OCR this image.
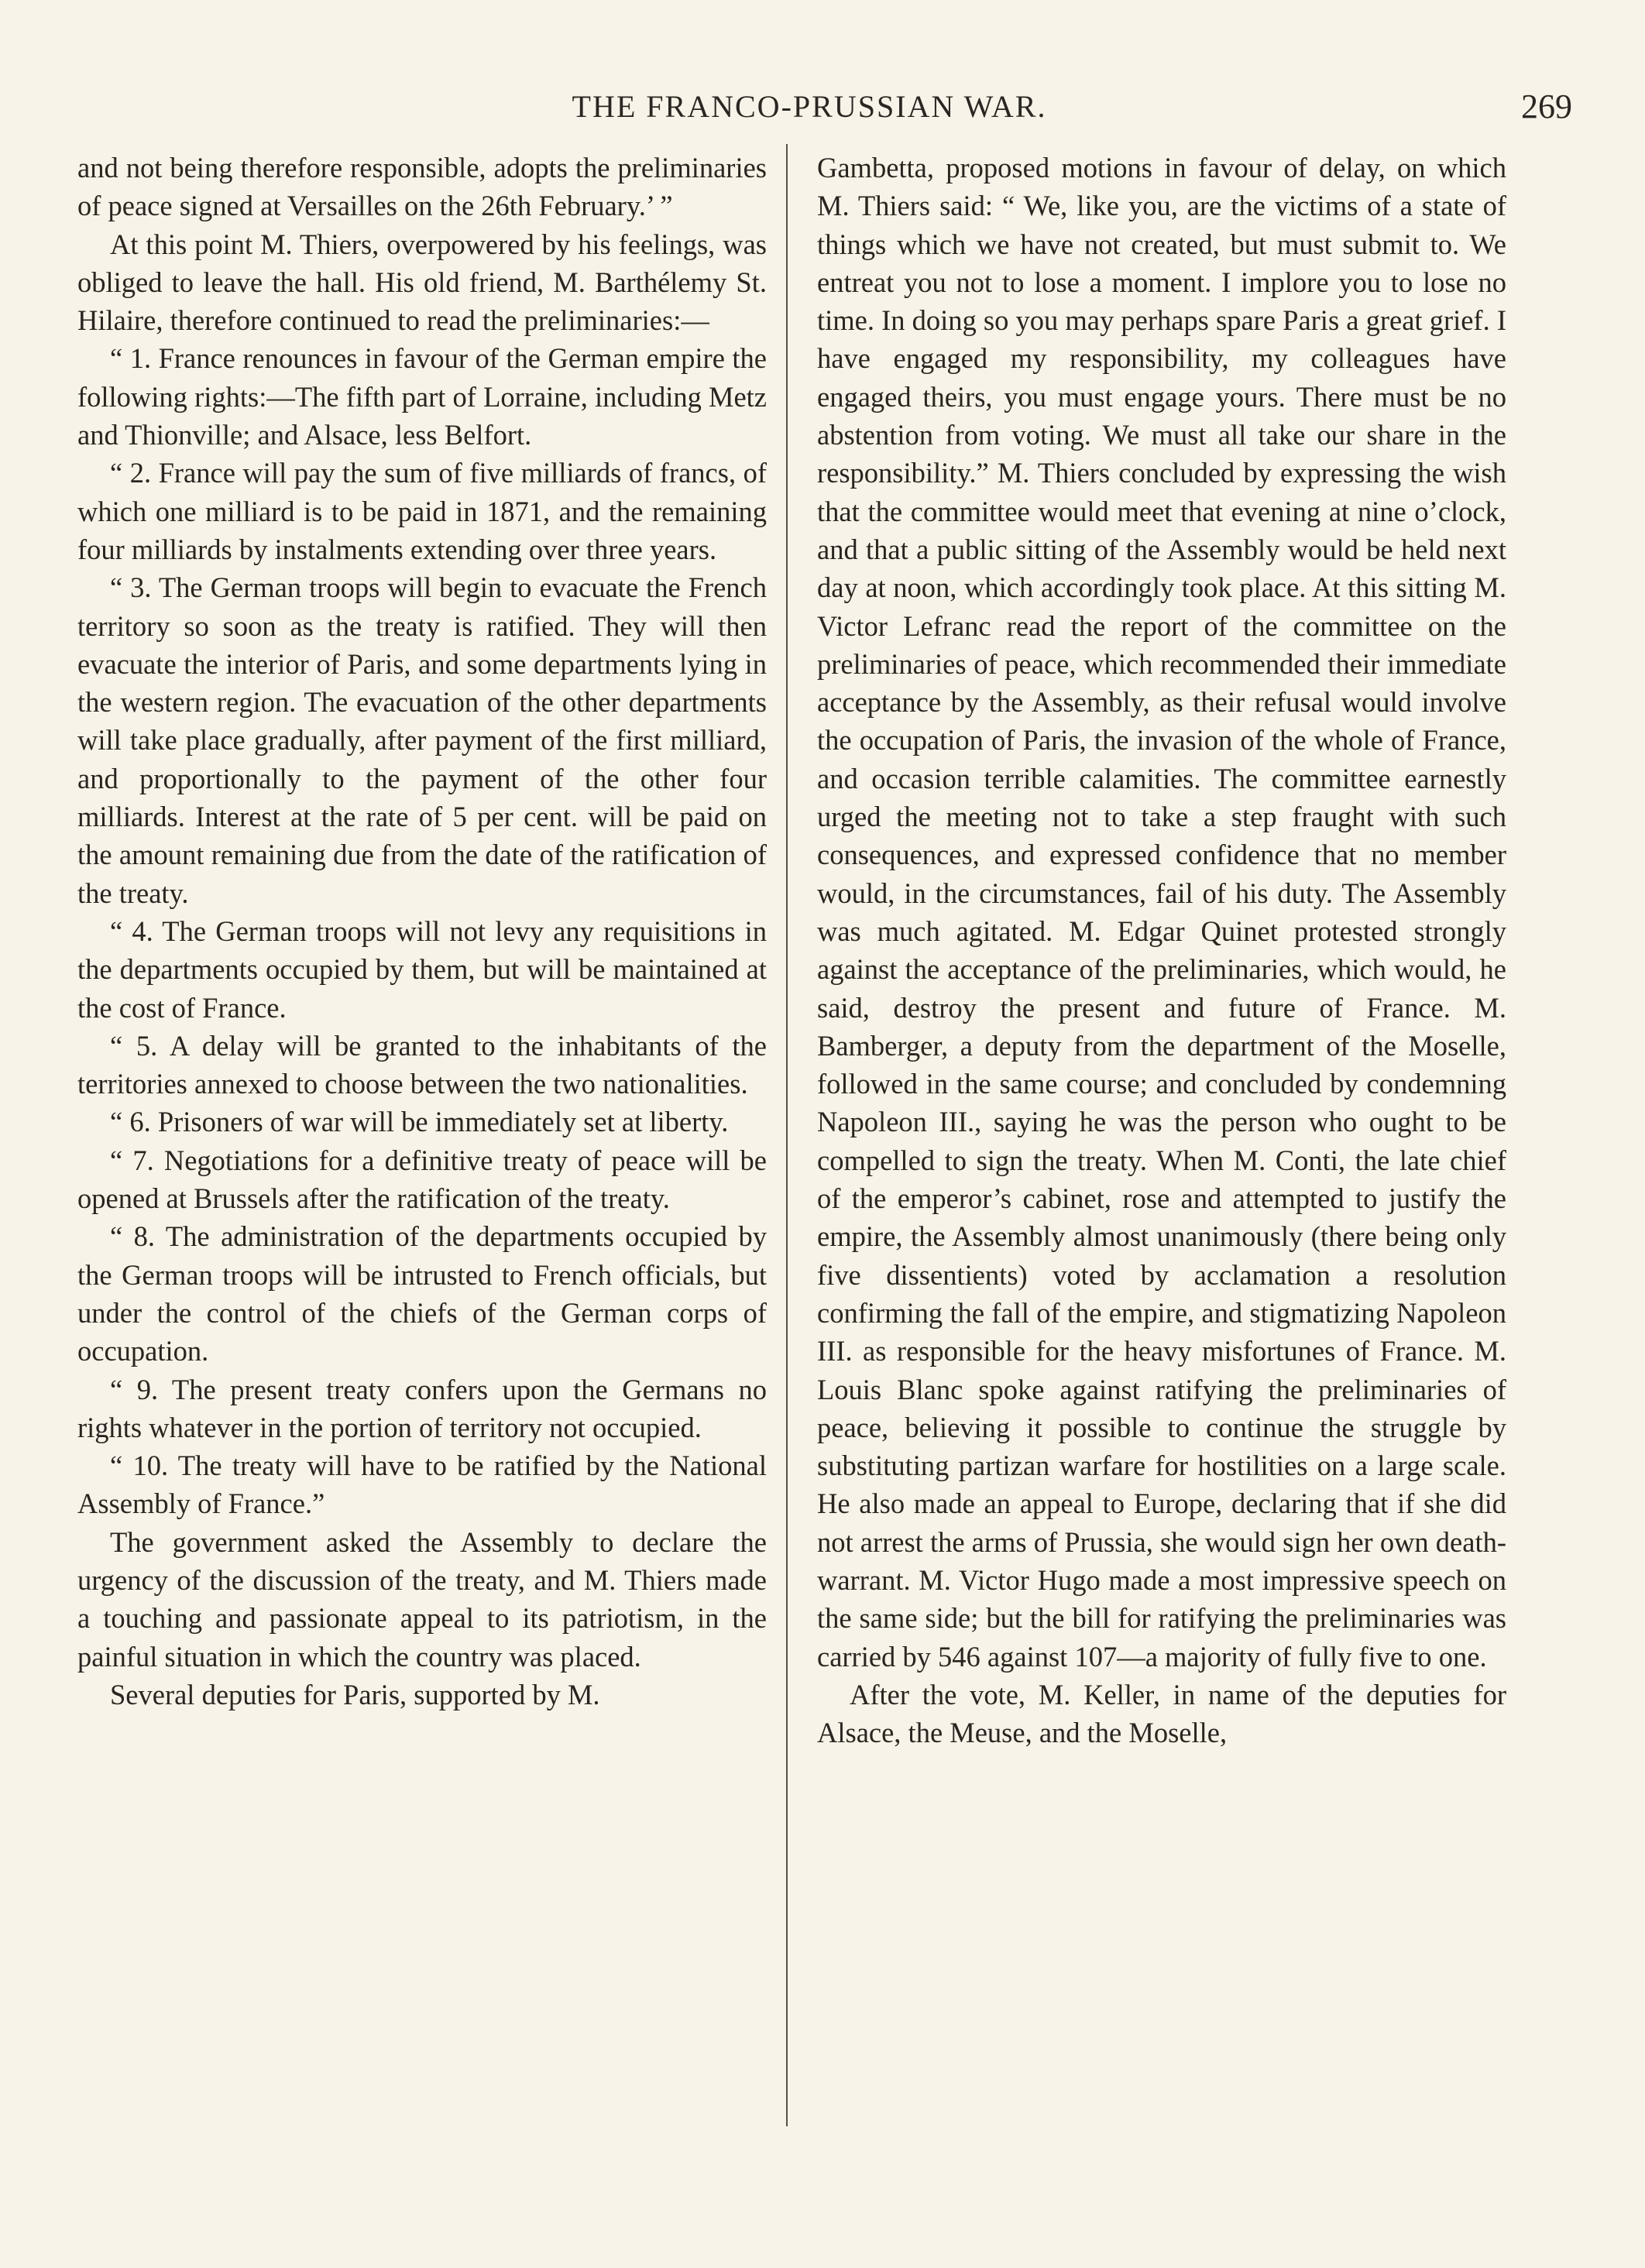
THE FRANCO-PRUSSIAN WAR.	269

and not being therefore responsible, adopts the preliminaries of peace signed at Versailles on the 26th February.’ ”

At this point M. Thiers, overpowered by his feelings, was obliged to leave the hall. His old friend, M. Barthélemy St. Hilaire, therefore continued to read the preliminaries:—

“ 1. France renounces in favour of the German empire the following rights:—The fifth part of Lorraine, including Metz and Thionville; and Alsace, less Belfort.

“ 2. France will pay the sum of five milliards of francs, of which one milliard is to be paid in 1871, and the remaining four milliards by instalments extending over three years.

“ 3. The German troops will begin to evacuate the French territory so soon as the treaty is ratified. They will then evacuate the interior of Paris, and some departments lying in the western region. The evacuation of the other departments will take place gradually, after payment of the first milliard, and proportionally to the payment of the other four milliards. Interest at the rate of 5 per cent. will be paid on the amount remaining due from the date of the ratification of the treaty.

“ 4. The German troops will not levy any requisitions in the departments occupied by them, but will be maintained at the cost of France.

“ 5. A delay will be granted to the inhabitants of the territories annexed to choose between the two nationalities.

“ 6. Prisoners of war will be immediately set at liberty.

“ 7. Negotiations for a definitive treaty of peace will be opened at Brussels after the ratification of the treaty.

“ 8. The administration of the departments occupied by the German troops will be intrusted to French officials, but under the control of the chiefs of the German corps of occupation.

“ 9. The present treaty confers upon the Germans no rights whatever in the portion of territory not occupied.

“ 10. The treaty will have to be ratified by the National Assembly of France.”

The government asked the Assembly to declare the urgency of the discussion of the treaty, and M. Thiers made a touching and passionate appeal to its patriotism, in the painful situation in which the country was placed.

Several deputies for Paris, supported by M.

Gambetta, proposed motions in favour of delay, on which M. Thiers said: “ We, like you, are the victims of a state of things which we have not created, but must submit to. We entreat you not to lose a moment. I implore you to lose no time. In doing so you may perhaps spare Paris a great grief. I have engaged my responsibility, my colleagues have engaged theirs, you must engage yours. There must be no abstention from voting. We must all take our share in the responsibility.” M. Thiers concluded by expressing the wish that the committee would meet that evening at nine o’clock, and that a public sitting of the Assembly would be held next day at noon, which accordingly took place. At this sitting M. Victor Lefranc read the report of the committee on the preliminaries of peace, which recommended their immediate acceptance by the Assembly, as their refusal would involve the occupation of Paris, the invasion of the whole of France, and occasion terrible calamities. The committee earnestly urged the meeting not to take a step fraught with such consequences, and expressed confidence that no member would, in the circumstances, fail of his duty. The Assembly was much agitated. M. Edgar Quinet protested strongly against the acceptance of the preliminaries, which would, he said, destroy the present and future of France. M. Bamberger, a deputy from the department of the Moselle, followed in the same course; and concluded by condemning Napoleon III., saying he was the person who ought to be compelled to sign the treaty. When M. Conti, the late chief of the emperor’s cabinet, rose and attempted to justify the empire, the Assembly almost unanimously (there being only five dissentients) voted by acclamation a resolution confirming the fall of the empire, and stigmatizing Napoleon III. as responsible for the heavy misfortunes of France. M. Louis Blanc spoke against ratifying the preliminaries of peace, believing it possible to continue the struggle by substituting partizan warfare for hostilities on a large scale. He also made an appeal to Europe, declaring that if she did not arrest the arms of Prussia, she would sign her own death-warrant. M. Victor Hugo made a most impressive speech on the same side; but the bill for ratifying the preliminaries was carried by 546 against 107—a majority of fully five to one.

After the vote, M. Keller, in name of the deputies for Alsace, the Meuse, and the Moselle,
